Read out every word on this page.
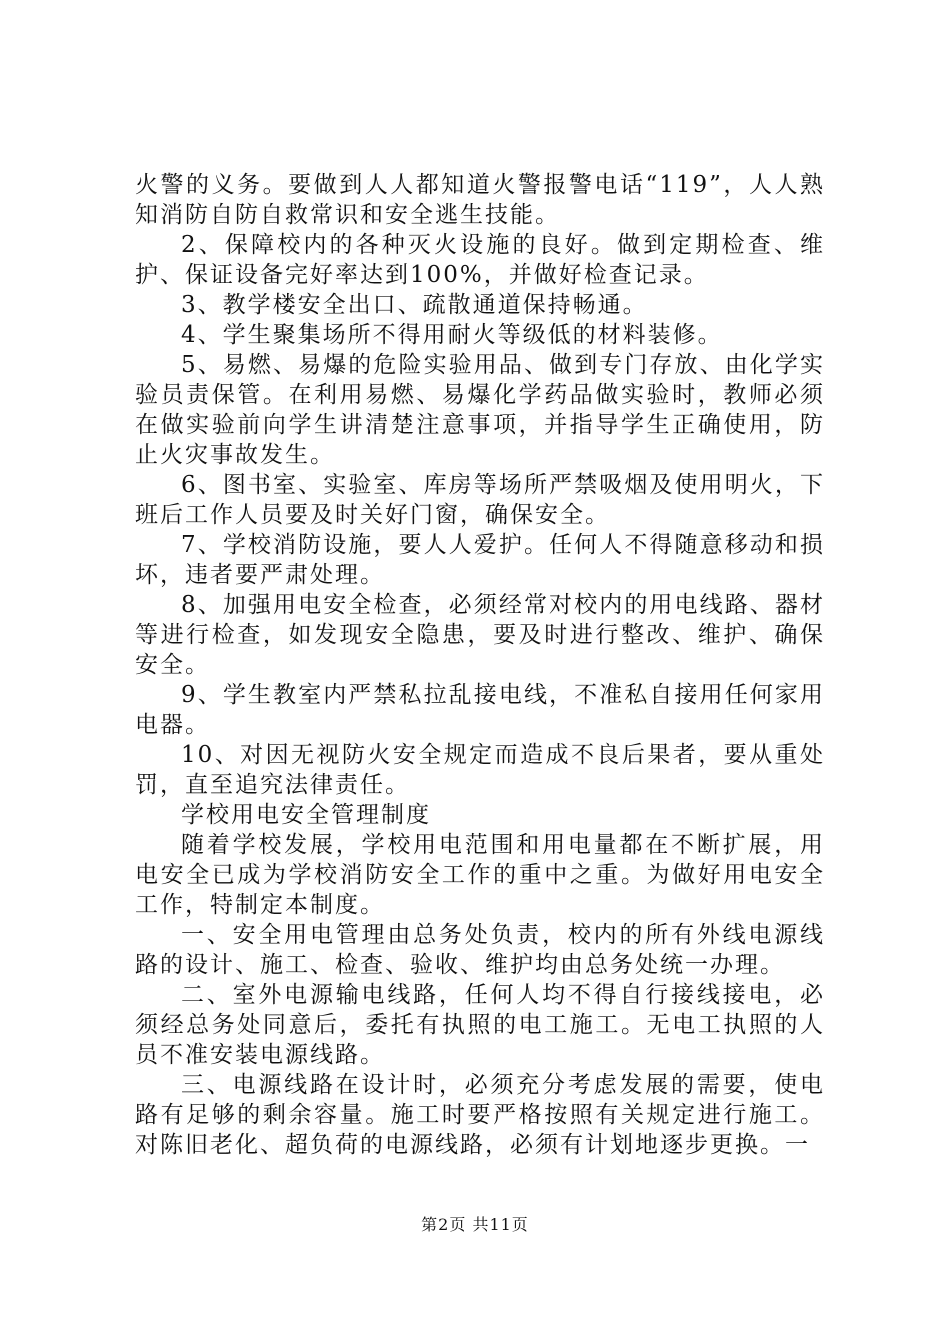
火警的义务。要做到人人都知道火警报警电话“119”，人人熟知消防自防自救常识和安全逃生技能。

2、保障校内的各种灭火设施的良好。做到定期检查、维护、保证设备完好率达到100%，并做好检查记录。

3、教学楼安全出口、疏散通道保持畅通。

4、学生聚集场所不得用耐火等级低的材料装修。

5、易燃、易爆的危险实验用品、做到专门存放、由化学实验员责保管。在利用易燃、易爆化学药品做实验时，教师必须在做实验前向学生讲清楚注意事项，并指导学生正确使用，防止火灾事故发生。

6、图书室、实验室、库房等场所严禁吸烟及使用明火，下班后工作人员要及时关好门窗，确保安全。

7、学校消防设施，要人人爱护。任何人不得随意移动和损坏，违者要严肃处理。

8、加强用电安全检查，必须经常对校内的用电线路、器材等进行检查，如发现安全隐患，要及时进行整改、维护、确保安全。

9、学生教室内严禁私拉乱接电线，不准私自接用任何家用电器。

10、对因无视防火安全规定而造成不良后果者，要从重处罚，直至追究法律责任。

学校用电安全管理制度

随着学校发展，学校用电范围和用电量都在不断扩展，用电安全已成为学校消防安全工作的重中之重。为做好用电安全工作，特制定本制度。

一、安全用电管理由总务处负责，校内的所有外线电源线路的设计、施工、检查、验收、维护均由总务处统一办理。

二、室外电源输电线路，任何人均不得自行接线接电，必须经总务处同意后，委托有执照的电工施工。无电工执照的人员不准安装电源线路。

三、电源线路在设计时，必须充分考虑发展的需要，使电路有足够的剩余容量。施工时要严格按照有关规定进行施工。对陈旧老化、超负荷的电源线路，必须有计划地逐步更换。一

第2页 共11页
